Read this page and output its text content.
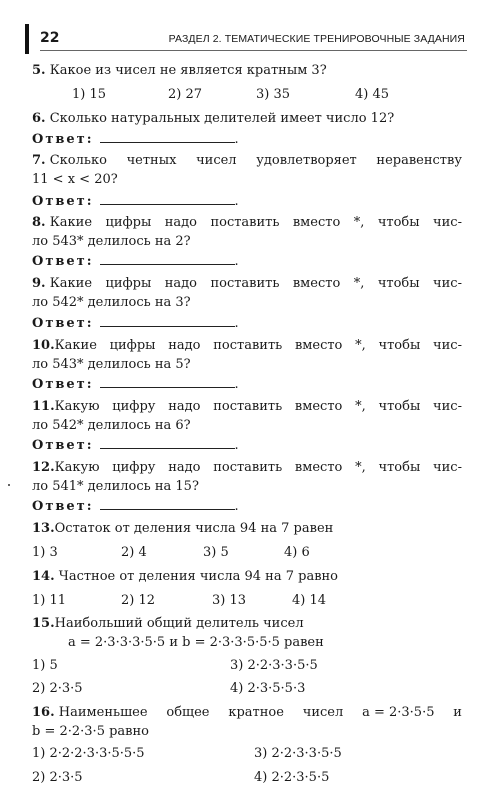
22	РАЗДЕЛ 2. ТЕМАТИЧЕСКИЕ ТРЕНИРОВОЧНЫЕ ЗАДАНИЯ
5. Какое из чисел не является кратным 3?
1) 15	2) 27	3) 35	4) 45
6. Сколько натуральных делителей имеет число 12?
Ответ:	.
7. Сколько четных чисел удовлетворяет неравенству
11 < x < 20?
Ответ:	.
8. Какие цифры надо поставить вместо *, чтобы чис-
ло 543* делилось на 2?
Ответ:	.
9. Какие цифры надо поставить вместо *, чтобы чис-
ло 542* делилось на 3?
Ответ:	.
10.Какие цифры надо поставить вместо *, чтобы чис-
ло 543* делилось на 5?
Ответ:	.
11.Какую цифру надо поставить вместо *, чтобы чис-
ло 542* делилось на 6?
Ответ:	.
12.Какую цифру надо поставить вместо *, чтобы чис-
ло 541* делилось на 15?
Ответ:	.
13.Остаток от деления числа 94 на 7 равен
1) 3	2) 4	3) 5	4) 6
14. Частное от деления числа 94 на 7 равно
1) 11	2) 12	3) 13	4) 14
15.Наибольший общий делитель чисел
a = 2·3·3·3·5·5 и b = 2·3·3·5·5·5 равен
1) 5	3) 2·2·3·3·5·5
2) 2·3·5	4) 2·3·5·5·3
16. Наименьшее общее кратное чисел a = 2·3·5·5 и
b = 2·2·3·5 равно
1) 2·2·2·3·3·5·5·5	3) 2·2·3·3·5·5
2) 2·3·5	4) 2·2·3·5·5
